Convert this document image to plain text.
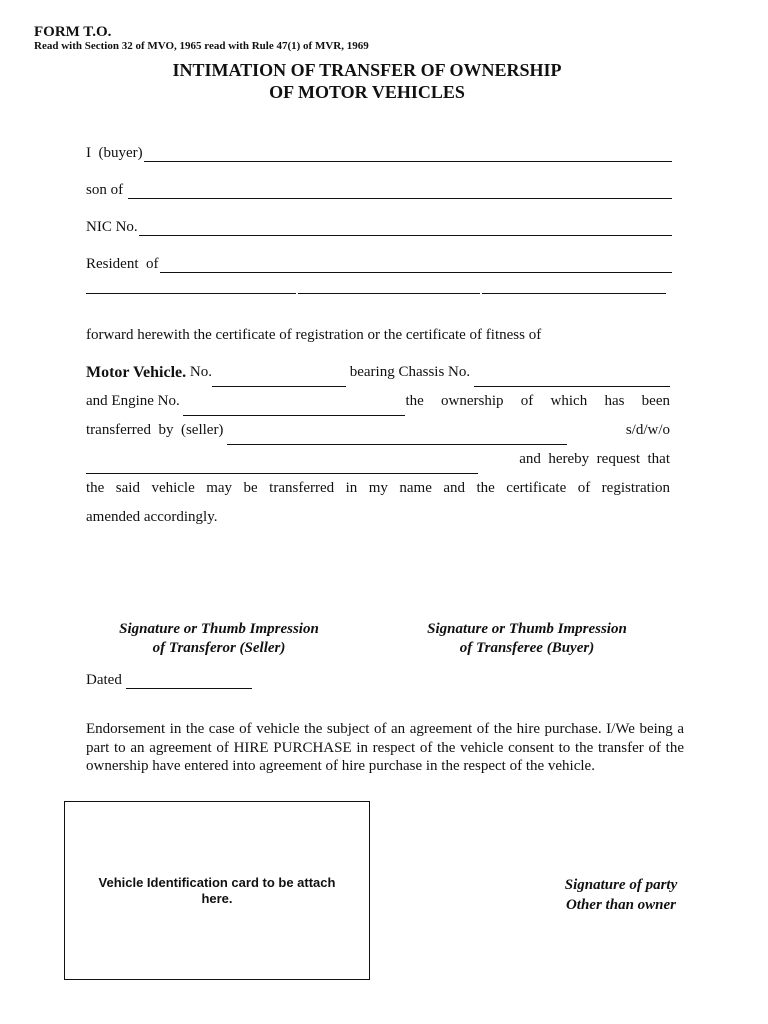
FORM T.O.
Read with Section 32 of MVO, 1965 read with Rule 47(1) of MVR, 1969
INTIMATION OF TRANSFER OF OWNERSHIP
OF MOTOR VEHICLES
I  (buyer)
son of
NIC No.
Resident  of
forward herewith the certificate of registration or the certificate of fitness of
Motor Vehicle. No.	bearing Chassis No.
and Engine No.	the ownership of which has been
transferred  by  (seller)	s/d/w/o
and  hereby  request  that
the said vehicle may be transferred in my name and the certificate of registration
amended accordingly.
Signature or Thumb Impression
of Transferor (Seller)
Signature or Thumb Impression
of Transferee (Buyer)
Dated
Endorsement in the case of vehicle the subject of an agreement of the hire purchase. I/We being a part to an agreement of HIRE PURCHASE in respect of the vehicle consent to the transfer of the ownership have entered into agreement of hire purchase in the respect of the vehicle.
Vehicle Identification card to be attach here.
Signature of party
Other than owner
